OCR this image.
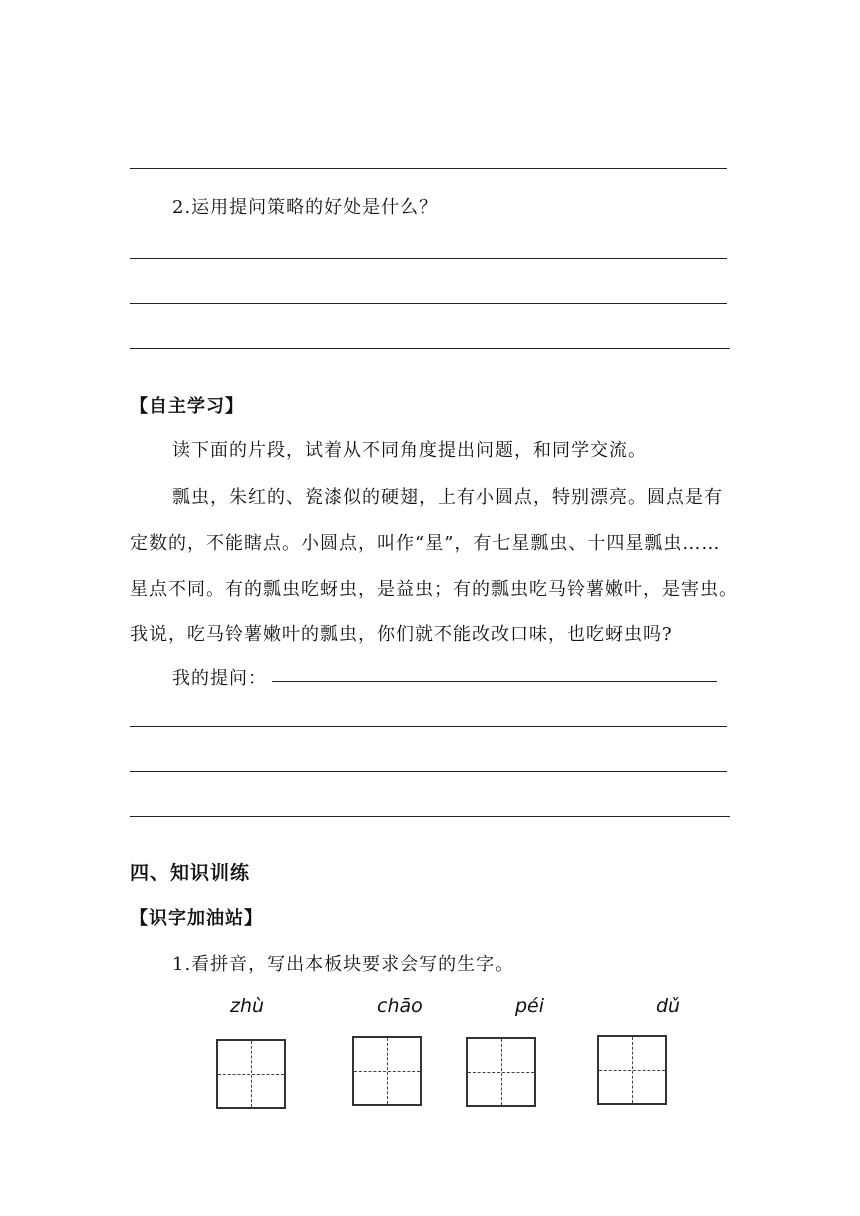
2.运用提问策略的好处是什么？
【自主学习】
读下面的片段，试着从不同角度提出问题，和同学交流。
瓢虫，朱红的、瓷漆似的硬翅，上有小圆点，特别漂亮。圆点是有
定数的，不能瞎点。小圆点，叫作“星”，有七星瓢虫、十四星瓢虫……
星点不同。有的瓢虫吃蚜虫，是益虫；有的瓢虫吃马铃薯嫩叶，是害虫。
我说，吃马铃薯嫩叶的瓢虫，你们就不能改改口味，也吃蚜虫吗?
我的提问：
四、知识训练
【识字加油站】
1.看拼音，写出本板块要求会写的生字。
zhù	chāo	péi	dǔ
